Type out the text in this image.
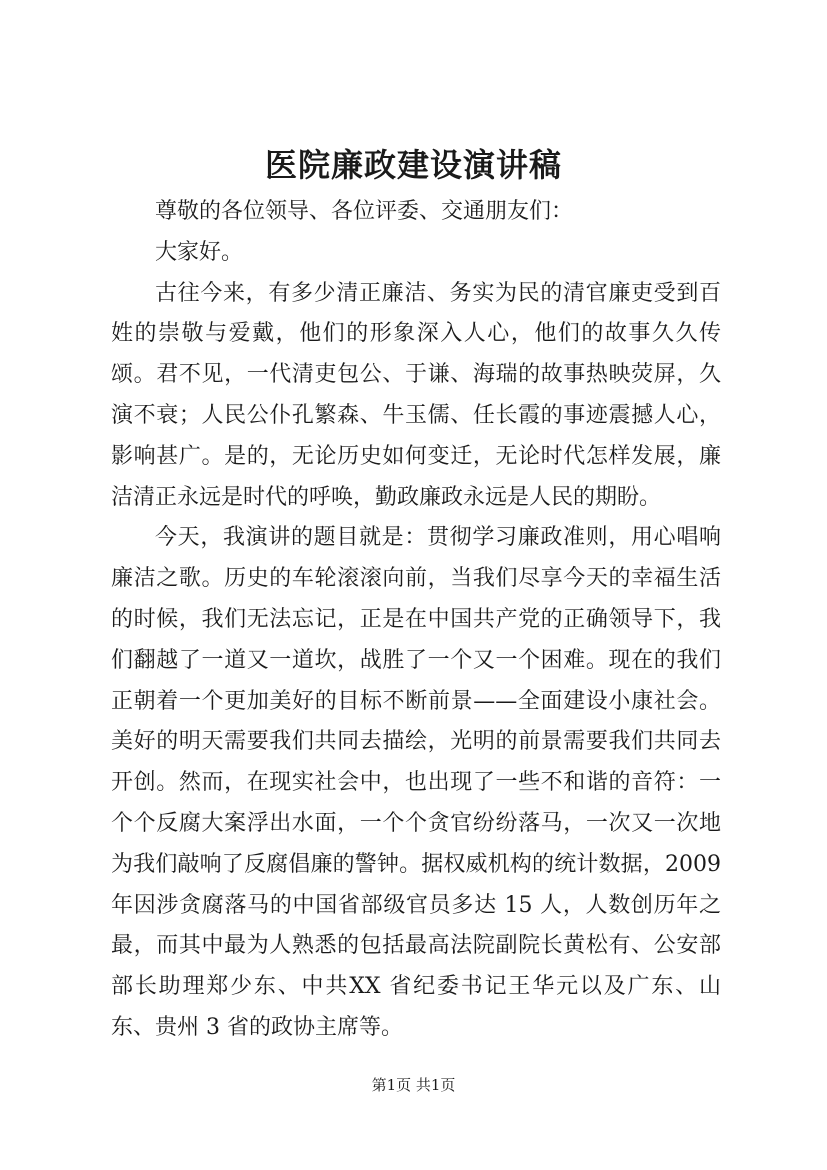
医院廉政建设演讲稿

尊敬的各位领导、各位评委、交通朋友们：

大家好。

古往今来，有多少清正廉洁、务实为民的清官廉吏受到百姓的崇敬与爱戴，他们的形象深入人心，他们的故事久久传颂。君不见，一代清吏包公、于谦、海瑞的故事热映荧屏，久演不衰；人民公仆孔繁森、牛玉儒、任长霞的事迹震撼人心，影响甚广。是的，无论历史如何变迁，无论时代怎样发展，廉洁清正永远是时代的呼唤，勤政廉政永远是人民的期盼。

今天，我演讲的题目就是：贯彻学习廉政准则，用心唱响廉洁之歌。历史的车轮滚滚向前，当我们尽享今天的幸福生活的时候，我们无法忘记，正是在中国共产党的正确领导下，我们翻越了一道又一道坎，战胜了一个又一个困难。现在的我们正朝着一个更加美好的目标不断前景——全面建设小康社会。美好的明天需要我们共同去描绘，光明的前景需要我们共同去开创。然而，在现实社会中，也出现了一些不和谐的音符：一个个反腐大案浮出水面，一个个贪官纷纷落马，一次又一次地为我们敲响了反腐倡廉的警钟。据权威机构的统计数据，2009 年因涉贪腐落马的中国省部级官员多达 15 人，人数创历年之最，而其中最为人熟悉的包括最高法院副院长黄松有、公安部部长助理郑少东、中共XX 省纪委书记王华元以及广东、山东、贵州 3 省的政协主席等。

第1页 共1页
